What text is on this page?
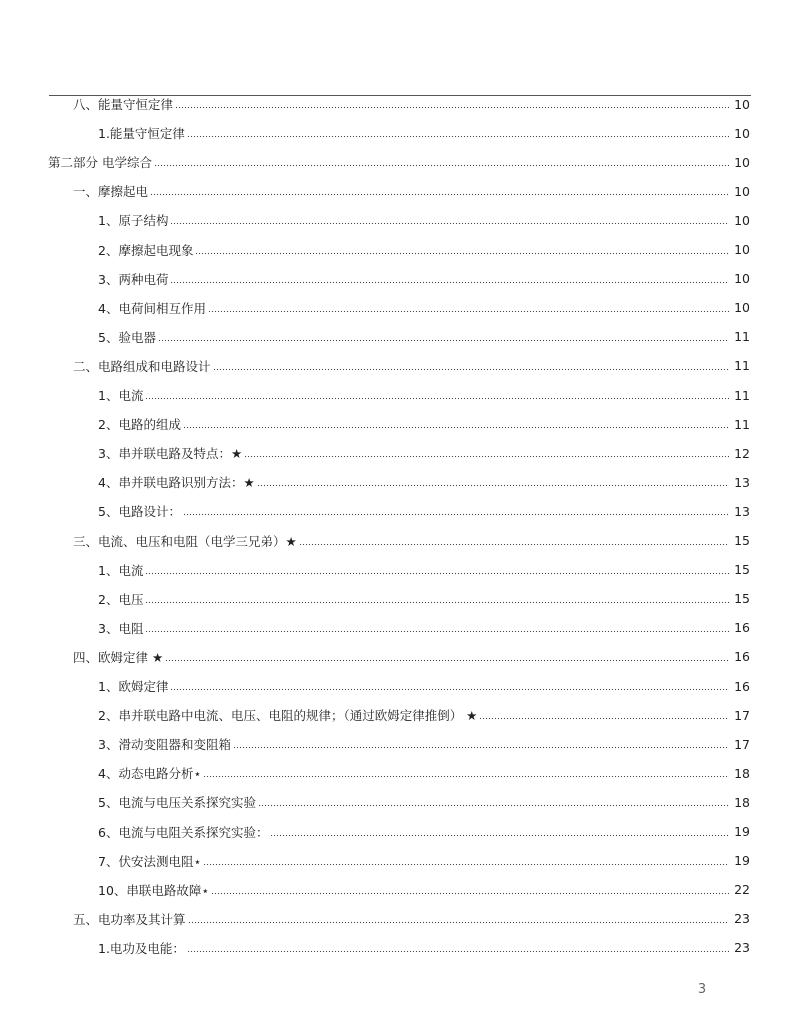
八、能量守恒定律	10
1.能量守恒定律	10
第二部分 电学综合	10
一、摩擦起电	10
1、原子结构	10
2、摩擦起电现象	10
3、两种电荷	10
4、电荷间相互作用	10
5、验电器	11
二、电路组成和电路设计	11
1、电流	11
2、电路的组成	11
3、串并联电路及特点：★	12
4、串并联电路识别方法：★	13
5、电路设计：	13
三、电流、电压和电阻（电学三兄弟）★	15
1、电流	15
2、电压	15
3、电阻	16
四、欧姆定律 ★	16
1、欧姆定律	16
2、串并联电路中电流、电压、电阻的规律；（通过欧姆定律推倒） ★	17
3、滑动变阻器和变阻箱	17
4、动态电路分析⋆	18
5、电流与电压关系探究实验	18
6、电流与电阻关系探究实验：	19
7、伏安法测电阻⋆	19
10、串联电路故障⋆	22
五、电功率及其计算	23
1.电功及电能：	23
3
